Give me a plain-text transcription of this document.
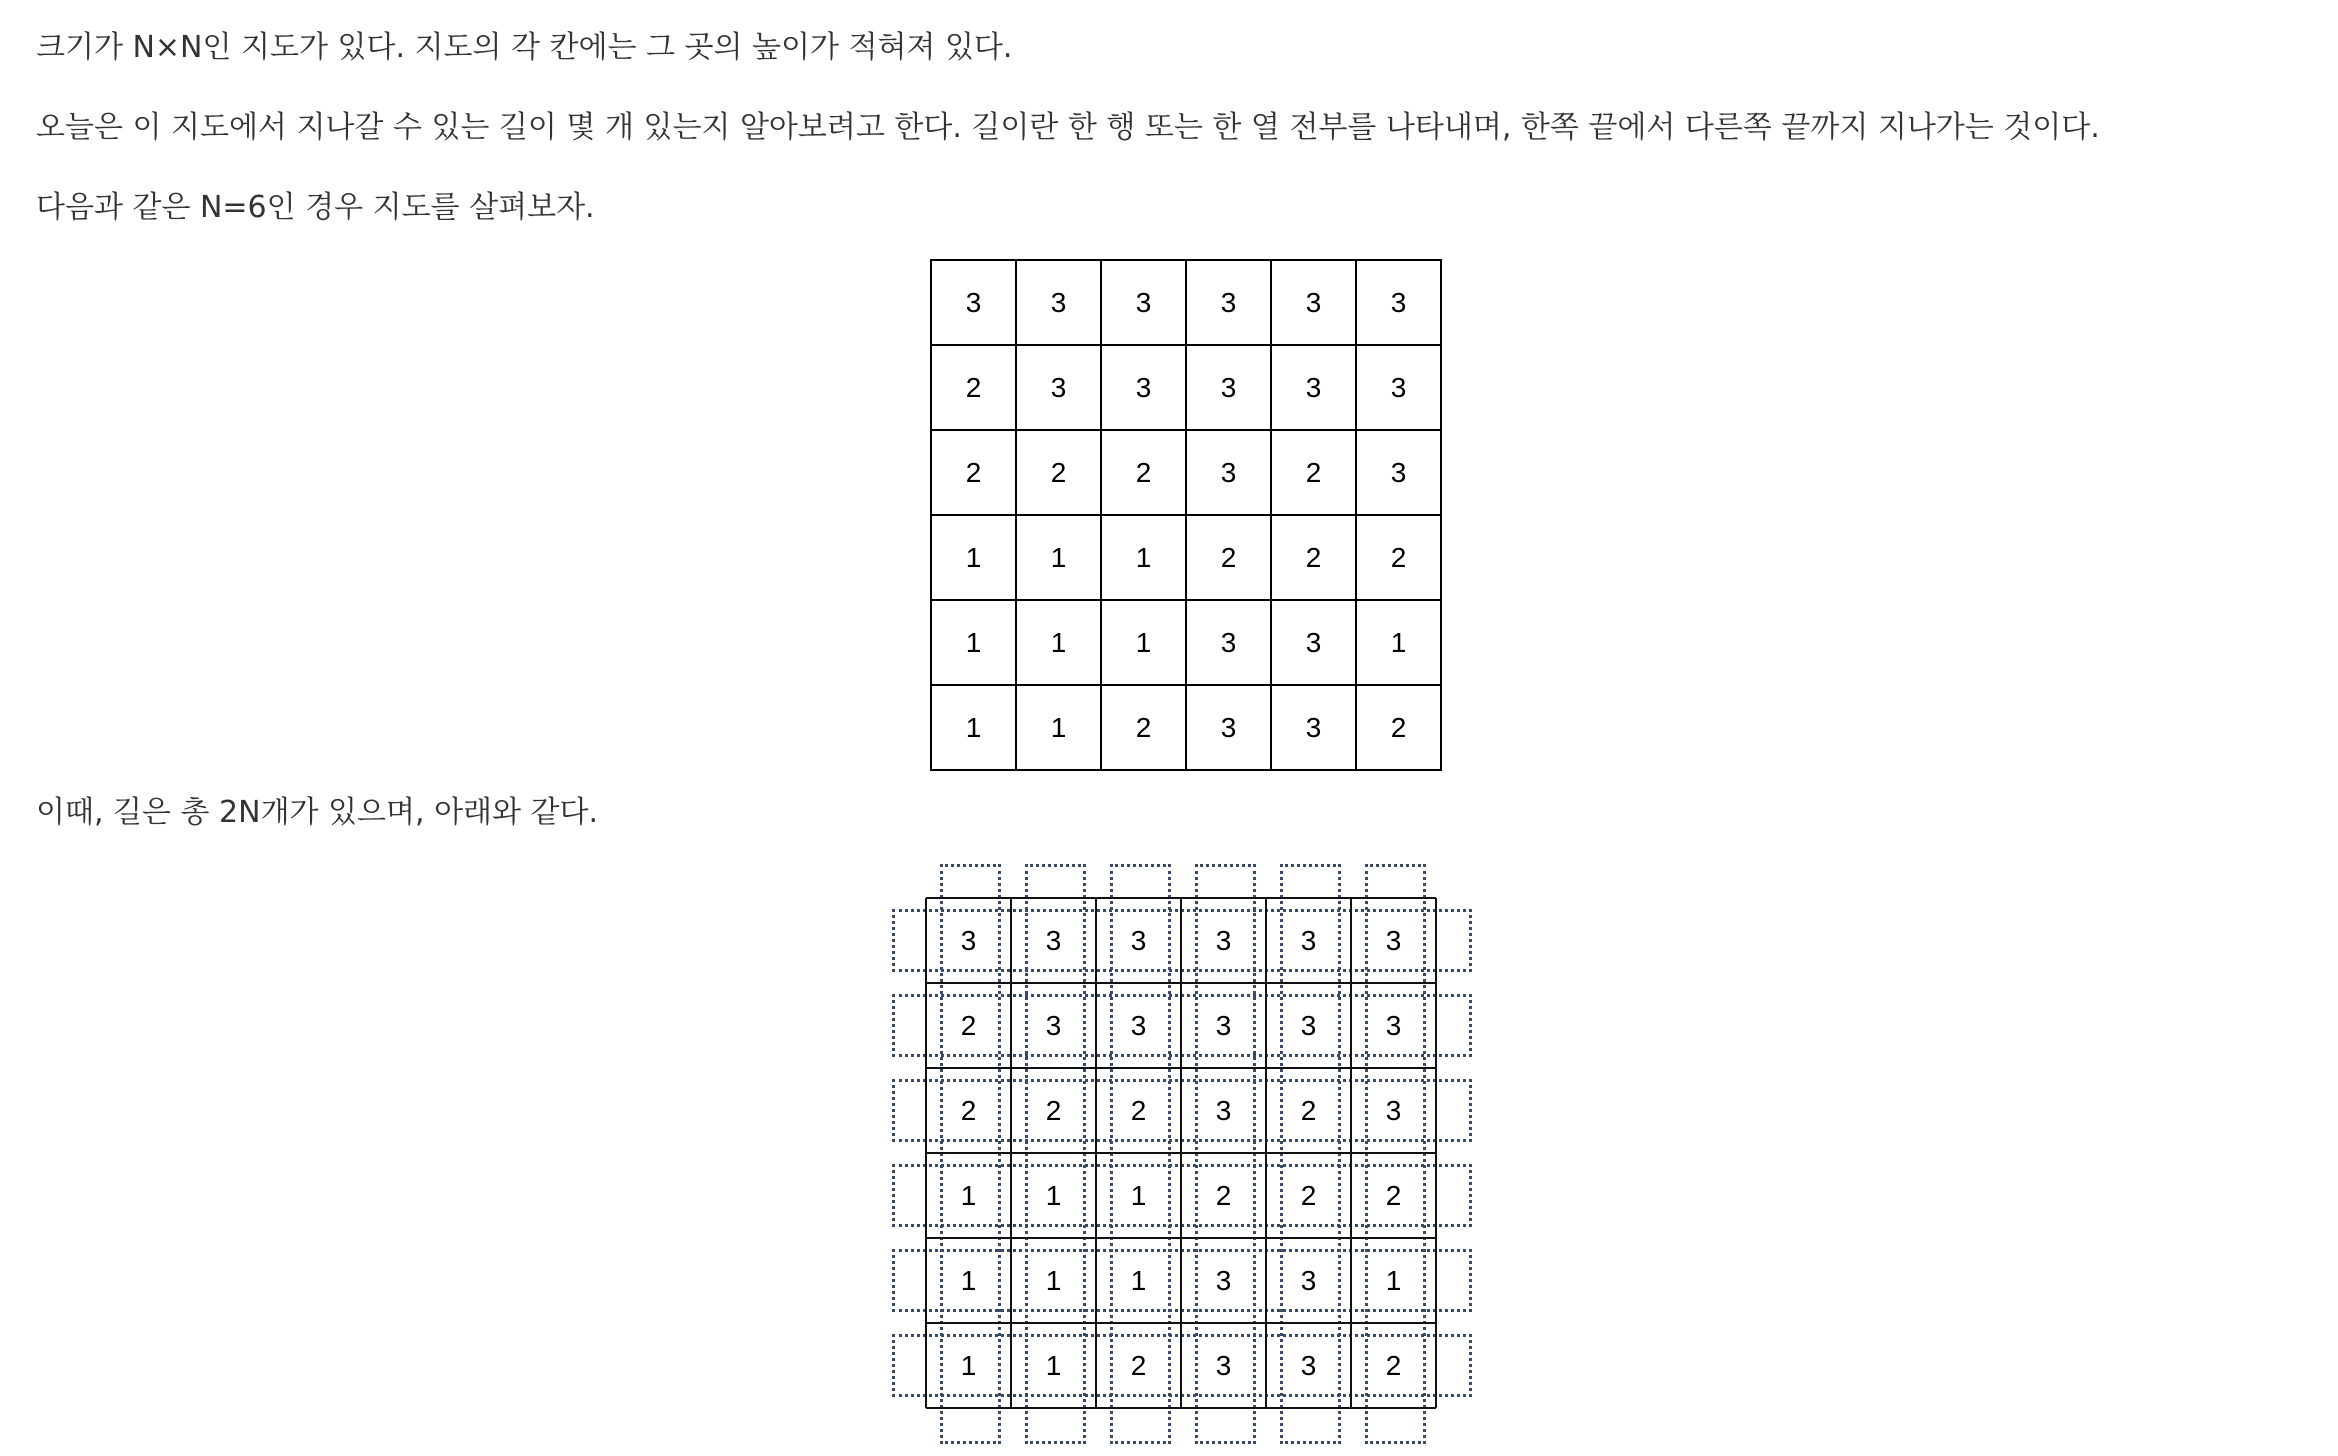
크기가 N×N인 지도가 있다. 지도의 각 칸에는 그 곳의 높이가 적혀져 있다.

오늘은 이 지도에서 지나갈 수 있는 길이 몇 개 있는지 알아보려고 한다. 길이란 한 행 또는 한 열 전부를 나타내며, 한쪽 끝에서 다른쪽 끝까지 지나가는 것이다.

다음과 같은 N=6인 경우 지도를 살펴보자.

3	3	3	3	3	3
2	3	3	3	3	3
2	2	2	3	2	3
1	1	1	2	2	2
1	1	1	3	3	1
1	1	2	3	3	2

이때, 길은 총 2N개가 있으며, 아래와 같다.

3	3	3	3	3	3
2	3	3	3	3	3
2	2	2	3	2	3
1	1	1	2	2	2
1	1	1	3	3	1
1	1	2	3	3	2
